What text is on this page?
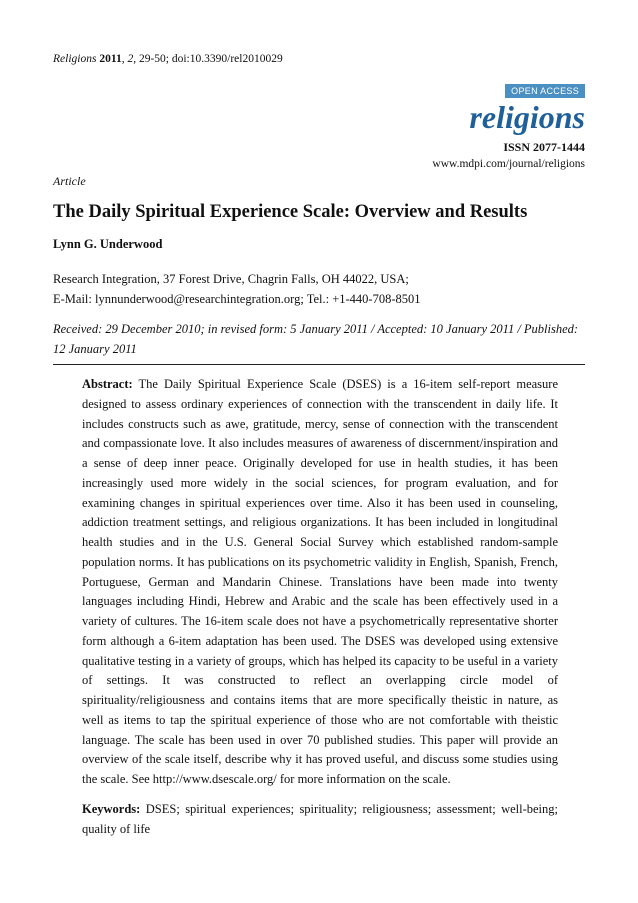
Religions 2011, 2, 29-50; doi:10.3390/rel2010029
OPEN ACCESS
religions
ISSN 2077-1444
www.mdpi.com/journal/religions
Article
The Daily Spiritual Experience Scale: Overview and Results
Lynn G. Underwood
Research Integration, 37 Forest Drive, Chagrin Falls, OH 44022, USA;
E-Mail: lynnunderwood@researchintegration.org; Tel.: +1-440-708-8501
Received: 29 December 2010; in revised form: 5 January 2011 / Accepted: 10 January 2011 / Published: 12 January 2011
Abstract: The Daily Spiritual Experience Scale (DSES) is a 16-item self-report measure designed to assess ordinary experiences of connection with the transcendent in daily life. It includes constructs such as awe, gratitude, mercy, sense of connection with the transcendent and compassionate love. It also includes measures of awareness of discernment/inspiration and a sense of deep inner peace. Originally developed for use in health studies, it has been increasingly used more widely in the social sciences, for program evaluation, and for examining changes in spiritual experiences over time. Also it has been used in counseling, addiction treatment settings, and religious organizations. It has been included in longitudinal health studies and in the U.S. General Social Survey which established random-sample population norms. It has publications on its psychometric validity in English, Spanish, French, Portuguese, German and Mandarin Chinese. Translations have been made into twenty languages including Hindi, Hebrew and Arabic and the scale has been effectively used in a variety of cultures. The 16-item scale does not have a psychometrically representative shorter form although a 6-item adaptation has been used. The DSES was developed using extensive qualitative testing in a variety of groups, which has helped its capacity to be useful in a variety of settings. It was constructed to reflect an overlapping circle model of spirituality/religiousness and contains items that are more specifically theistic in nature, as well as items to tap the spiritual experience of those who are not comfortable with theistic language. The scale has been used in over 70 published studies. This paper will provide an overview of the scale itself, describe why it has proved useful, and discuss some studies using the scale. See http://www.dsescale.org/ for more information on the scale.
Keywords: DSES; spiritual experiences; spirituality; religiousness; assessment; well-being; quality of life
